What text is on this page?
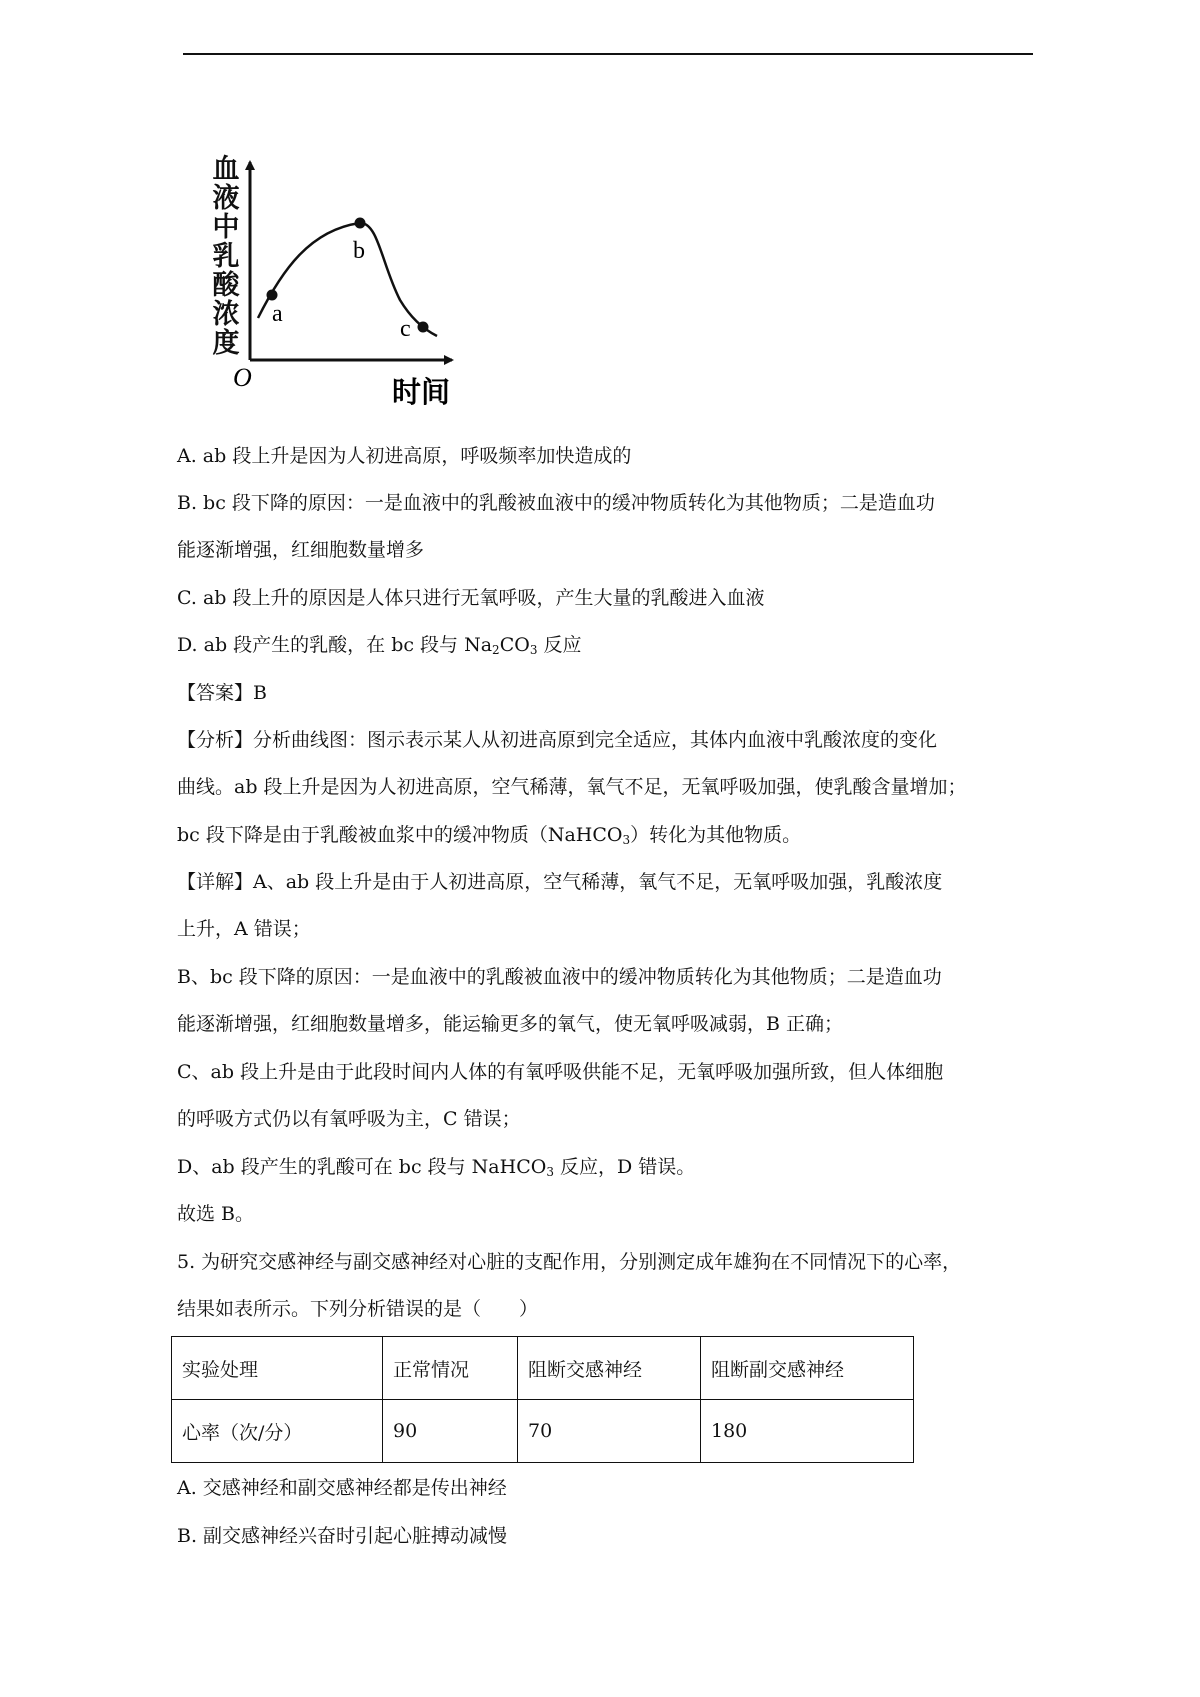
a
b
c
O	时间
血液中乳酸浓度
A. ab 段上升是因为人初进高原，呼吸频率加快造成的
B. bc 段下降的原因：一是血液中的乳酸被血液中的缓冲物质转化为其他物质；二是造血功
能逐渐增强，红细胞数量增多
C. ab 段上升的原因是人体只进行无氧呼吸，产生大量的乳酸进入血液
D. ab 段产生的乳酸，在 bc 段与 $Na_2CO_3$ 反应
【答案】B
【分析】分析曲线图：图示表示某人从初进高原到完全适应，其体内血液中乳酸浓度的变化
曲线。ab 段上升是因为人初进高原，空气稀薄，氧气不足，无氧呼吸加强，使乳酸含量增加；
bc 段下降是由于乳酸被血浆中的缓冲物质（NaHCO$_3$）转化为其他物质。
【详解】A、ab 段上升是由于人初进高原，空气稀薄，氧气不足，无氧呼吸加强，乳酸浓度
上升，A 错误；
B、bc 段下降的原因：一是血液中的乳酸被血液中的缓冲物质转化为其他物质；二是造血功
能逐渐增强，红细胞数量增多，能运输更多的氧气，使无氧呼吸减弱，B 正确；
C、ab 段上升是由于此段时间内人体的有氧呼吸供能不足，无氧呼吸加强所致，但人体细胞
的呼吸方式仍以有氧呼吸为主，C 错误；
D、ab 段产生的乳酸可在 bc 段与 NaHCO$_3$ 反应，D 错误。
故选 B。
5. 为研究交感神经与副交感神经对心脏的支配作用，分别测定成年雄狗在不同情况下的心率，
结果如表所示。下列分析错误的是（　　）
实验处理	正常情况	阻断交感神经	阻断副交感神经
心率（次/分）	90	70	180
A. 交感神经和副交感神经都是传出神经
B. 副交感神经兴奋时引起心脏搏动减慢
